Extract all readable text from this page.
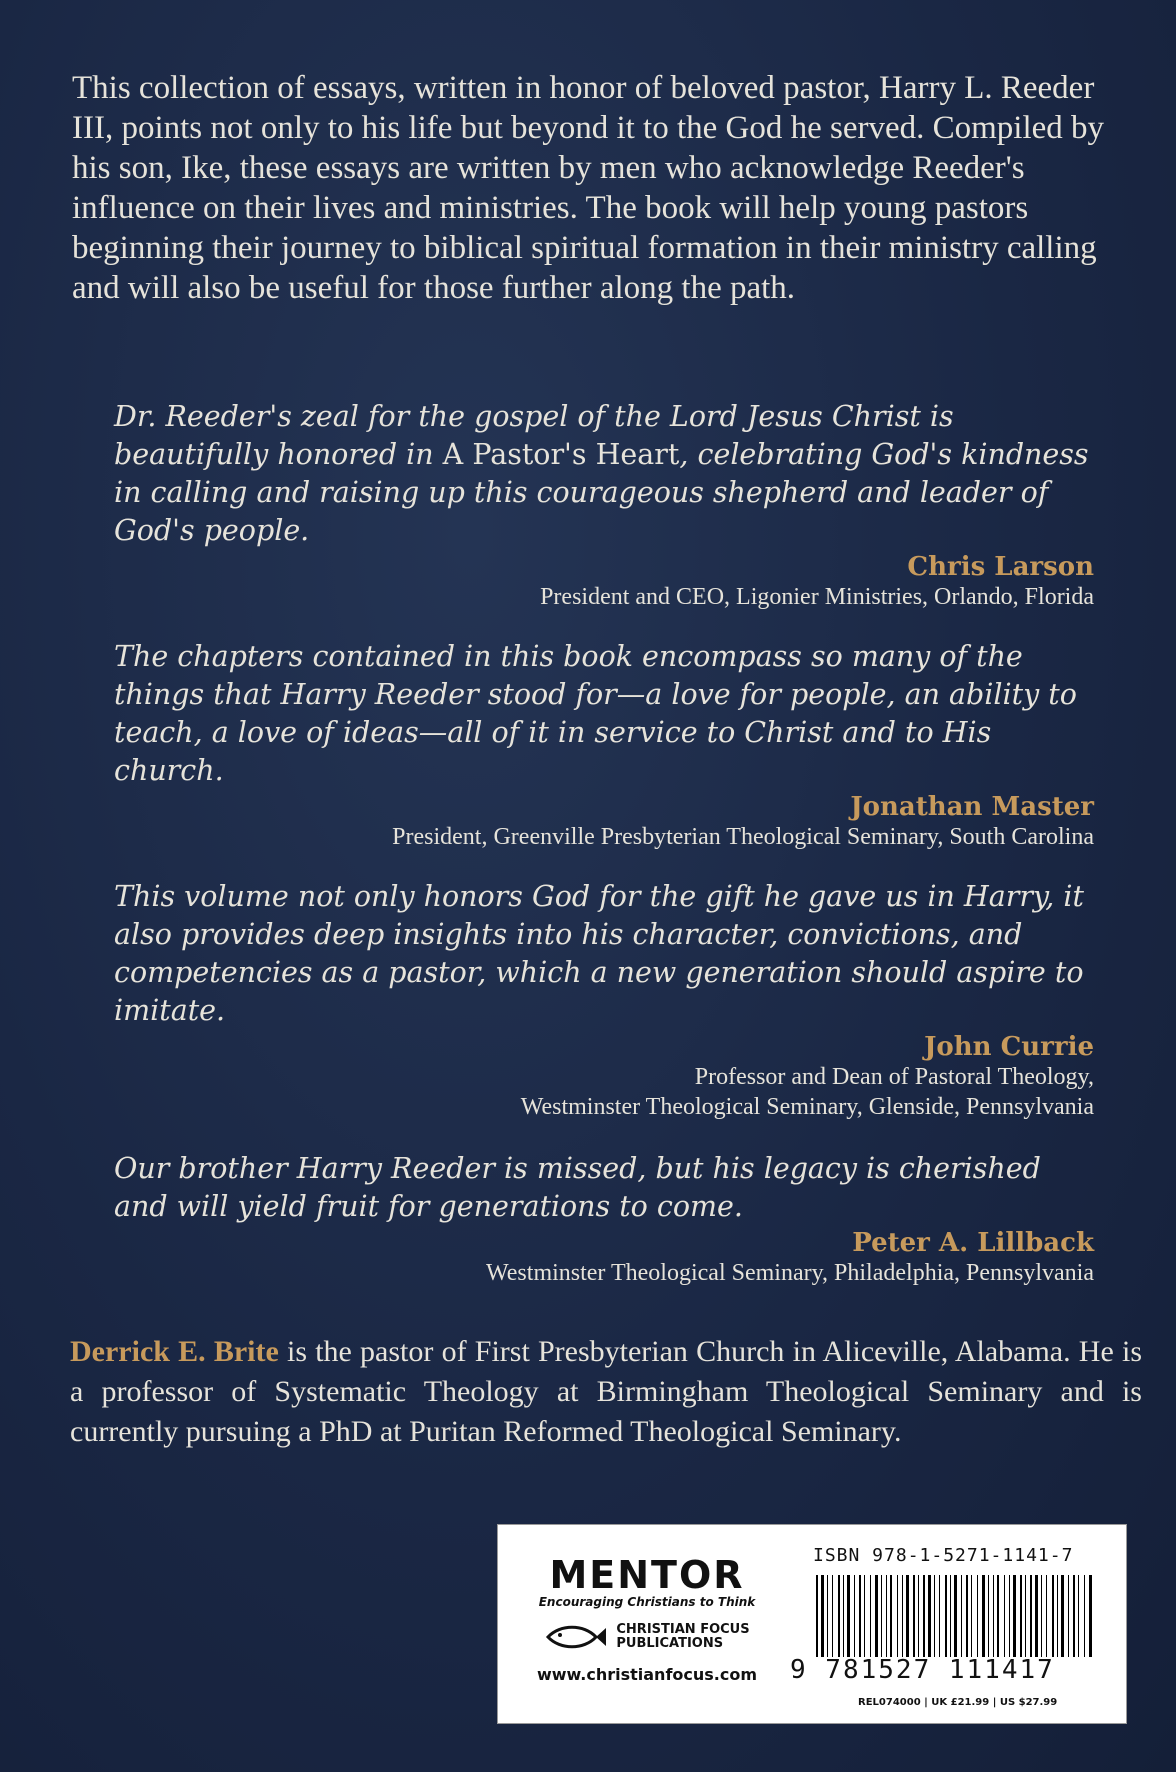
This collection of essays, written in honor of beloved pastor, Harry L. Reeder III, points not only to his life but beyond it to the God he served. Compiled by his son, Ike, these essays are written by men who acknowledge Reeder's influence on their lives and ministries. The book will help young pastors beginning their journey to biblical spiritual formation in their ministry calling and will also be useful for those further along the path.

Dr. Reeder's zeal for the gospel of the Lord Jesus Christ is beautifully honored in A Pastor's Heart, celebrating God's kindness in calling and raising up this courageous shepherd and leader of God's people.

Chris Larson
President and CEO, Ligonier Ministries, Orlando, Florida

The chapters contained in this book encompass so many of the things that Harry Reeder stood for—a love for people, an ability to teach, a love of ideas—all of it in service to Christ and to His church.

Jonathan Master
President, Greenville Presbyterian Theological Seminary, South Carolina

This volume not only honors God for the gift he gave us in Harry, it also provides deep insights into his character, convictions, and competencies as a pastor, which a new generation should aspire to imitate.

John Currie
Professor and Dean of Pastoral Theology,
Westminster Theological Seminary, Glenside, Pennsylvania

Our brother Harry Reeder is missed, but his legacy is cherished and will yield fruit for generations to come.

Peter A. Lillback
Westminster Theological Seminary, Philadelphia, Pennsylvania

Derrick E. Brite is the pastor of First Presbyterian Church in Aliceville, Alabama. He is a professor of Systematic Theology at Birmingham Theological Seminary and is currently pursuing a PhD at Puritan Reformed Theological Seminary.

MENTOR
Encouraging Christians to Think
CHRISTIAN FOCUS
PUBLICATIONS
www.christianfocus.com
ISBN 978-1-5271-1141-7
9 781527 111417
REL074000 | UK £21.99 | US $27.99
